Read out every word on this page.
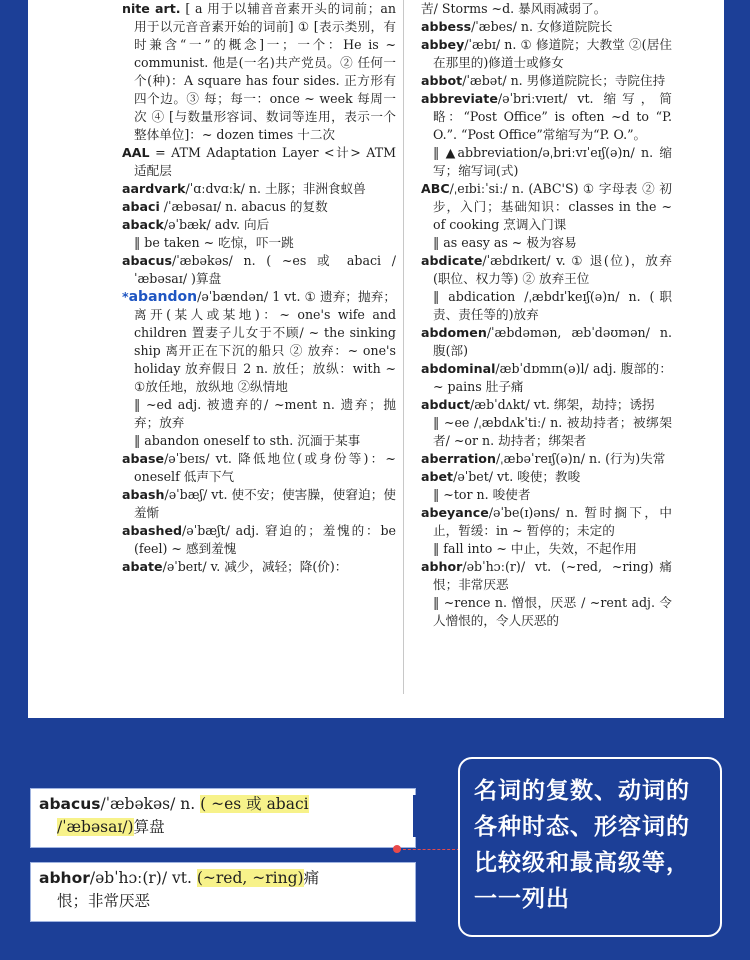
nite art. [ a 用于以辅音音素开头的词前；an 用于以元音音素开始的词前] ① [表示类别，有时兼含“一”的概念]一；一个：He is ~ communist. 他是(一名)共产党员。② 任何一个(种)：A square has four sides. 正方形有四个边。③ 每；每一：once ~ week 每周一次 ④ [与数量形容词、数词等连用，表示一个整体单位]：~ dozen times 十二次

AAL = ATM Adaptation Layer <计> ATM 适配层

aardvark/ˈɑːdvɑːk/ n. 土豚；非洲食蚁兽

abaci /ˈæbəsaɪ/ n. abacus 的复数

aback/əˈbæk/ adv. 向后

‖ be taken ~ 吃惊，吓一跳

abacus/ˈæbəkəs/ n. ( ~es 或 abaci /ˈæbəsaɪ/ )算盘

*abandon/əˈbændən/ 1 vt. ① 遗弃；抛弃；离开(某人或某地)：~ one's wife and children 置妻子儿女于不顾/ ~ the sinking ship 离开正在下沉的船只 ② 放弃：~ one's holiday 放弃假日 2 n. 放任；放纵：with ~ ①放任地，放纵地 ②纵情地

‖ ~ed adj. 被遗弃的/ ~ment n. 遗弃；抛弃；放弃

‖ abandon oneself to sth. 沉湎于某事

abase/əˈbeɪs/ vt. 降低地位(或身份等)：~ oneself 低声下气

abash/əˈbæʃ/ vt. 使不安；使害臊，使窘迫；使羞惭

abashed/əˈbæʃt/ adj. 窘迫的；羞愧的：be (feel) ~ 感到羞愧

abate/əˈbeɪt/ v. 减少，减轻；降(价)：

苦/ Storms ~d. 暴风雨减弱了。

abbess/ˈæbes/ n. 女修道院院长

abbey/ˈæbɪ/ n. ① 修道院；大教堂 ②(居住在那里的)修道士或修女

abbot/ˈæbət/ n. 男修道院院长；寺院住持

abbreviate/əˈbriːvɪeɪt/ vt. 缩写，简略：“Post Office” is often ~d to “P. O.”. “Post Office”常缩写为“P. O.”。

‖ ▲abbreviation/əˌbriːvɪˈeɪʃ(ə)n/ n. 缩写；缩写词(式)

ABC/ˌeɪbiːˈsiː/ n. (ABC'S) ① 字母表 ② 初步，入门；基础知识：classes in the ~ of cooking 烹调入门课

‖ as easy as ~ 极为容易

abdicate/ˈæbdɪkeɪt/ v. ① 退(位)，放弃(职位、权力等) ② 放弃王位

‖ abdication /ˌæbdɪˈkeɪʃ(ə)n/ n. (职责、责任等的)放弃

abdomen/ˈæbdəmən, æbˈdəʊmən/ n. 腹(部)

abdominal/æbˈdɒmɪn(ə)l/ adj. 腹部的：~ pains 肚子痛

abduct/æbˈdʌkt/ vt. 绑架，劫持；诱拐

‖ ~ee /ˌæbdʌkˈtiː/ n. 被劫持者；被绑架者/ ~or n. 劫持者；绑架者

aberration/ˌæbəˈreɪʃ(ə)n/ n. (行为)失常

abet/əˈbet/ vt. 唆使；教唆

‖ ~tor n. 唆使者

abeyance/əˈbe(ɪ)əns/ n. 暂时搁下，中止，暂缓：in ~ 暂停的；未定的

‖ fall into ~ 中止，失效，不起作用

abhor/əbˈhɔː(r)/ vt. (~red, ~ring)痛恨；非常厌恶

‖ ~rence n. 憎恨，厌恶 / ~rent adj. 令人憎恨的，令人厌恶的

abacus/ˈæbəkəs/ n. ( ~es 或 abaci
/ˈæbəsaɪ/)算盘
abhor/əbˈhɔː(r)/ vt. (~red, ~ring)痛
恨；非常厌恶
名词的复数、动词的
各种时态、形容词的
比较级和最高级等，
一一列出
